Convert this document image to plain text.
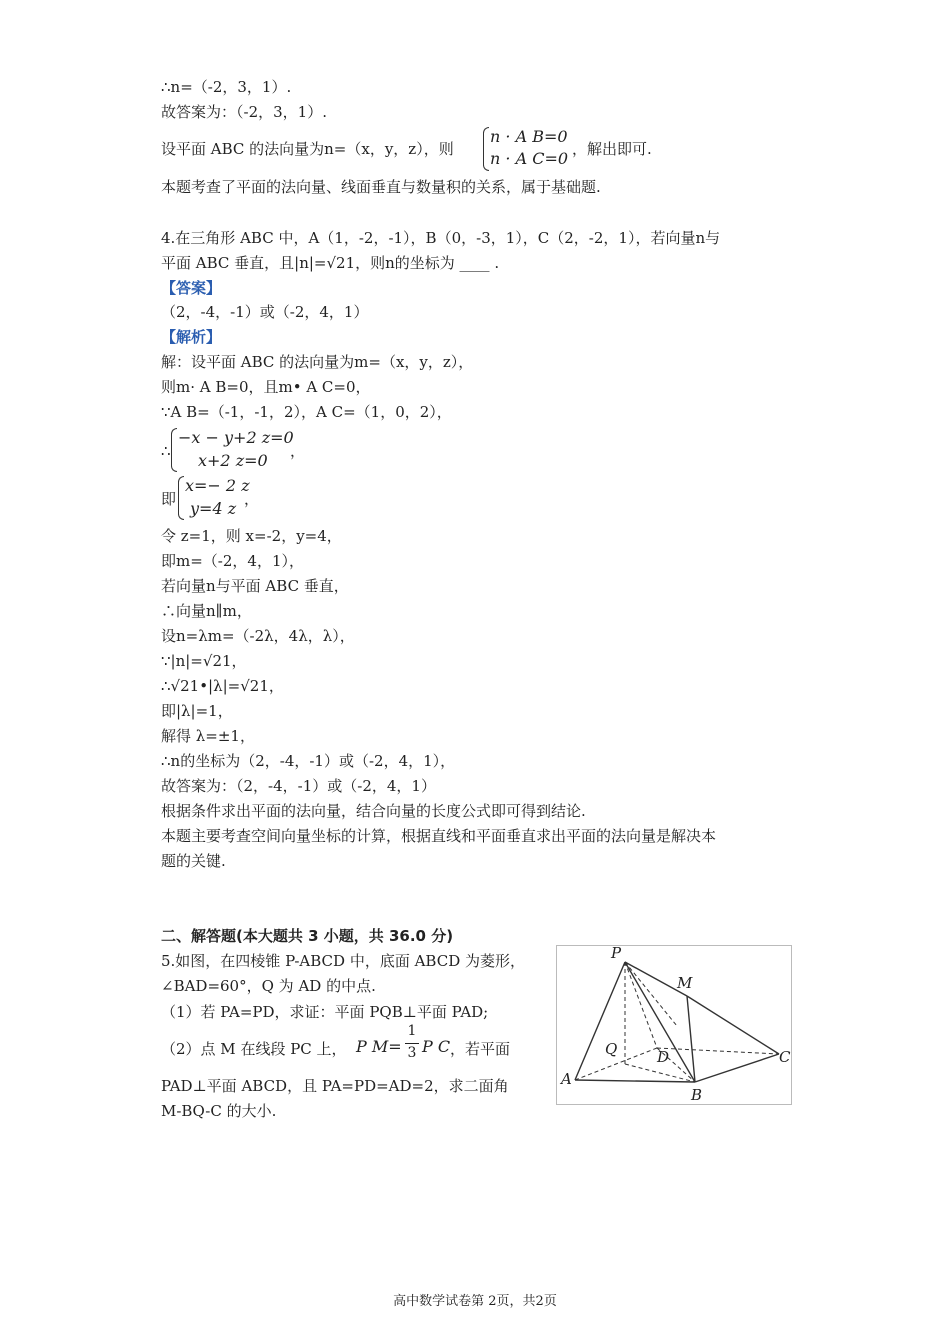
∴n=（-2，3，1）.
故答案为：（-2，3，1）.
设平面 ABC 的法向量为n=（x，y，z），则
n · A B=0
n · A C=0 ，解出即可.
本题考查了平面的法向量、线面垂直与数量积的关系，属于基础题.
4.在三角形 ABC 中，A（1，-2，-1），B（0，-3，1），C（2，-2，1），若向量n与
平面 ABC 垂直，且|n|=√21，则n的坐标为 ____ .
【答案】
（2，-4，-1）或（-2，4，1）
【解析】
解：设平面 ABC 的法向量为m=（x，y，z），
则m· A B=0，且m• A C=0，
∵A B=（-1，-1，2），A C=（1，0，2），
∴
−x − y+2 z=0
x+2 z=0 ，
即
x=− 2 z
y=4 z ，
令 z=1，则 x=-2，y=4，
即m=（-2，4，1），
若向量n与平面 ABC 垂直，
∴向量n∥m，
设n=λm=（-2λ，4λ，λ），
∵|n|=√21，
∴√21•|λ|=√21，
即|λ|=1，
解得 λ=±1，
∴n的坐标为（2，-4，-1）或（-2，4，1），
故答案为：（2，-4，-1）或（-2，4，1）
根据条件求出平面的法向量，结合向量的长度公式即可得到结论.
本题主要考查空间向量坐标的计算，根据直线和平面垂直求出平面的法向量是解决本
题的关键.
二、解答题(本大题共 3 小题，共 36.0 分)
5.如图，在四棱锥 P-ABCD 中，底面 ABCD 为菱形，
∠BAD=60°，Q 为 AD 的中点.
（1）若 PA=PD，求证：平面 PQB⊥平面 PAD;
（2）点 M 在线段 PC 上， P M=
1
3 P C ，若平面
PAD⊥平面 ABCD，且 PA=PD=AD=2，求二面角
M-BQ-C 的大小.
P
M
Q	D
A
B
C
高中数学试卷第 2页，共2页
